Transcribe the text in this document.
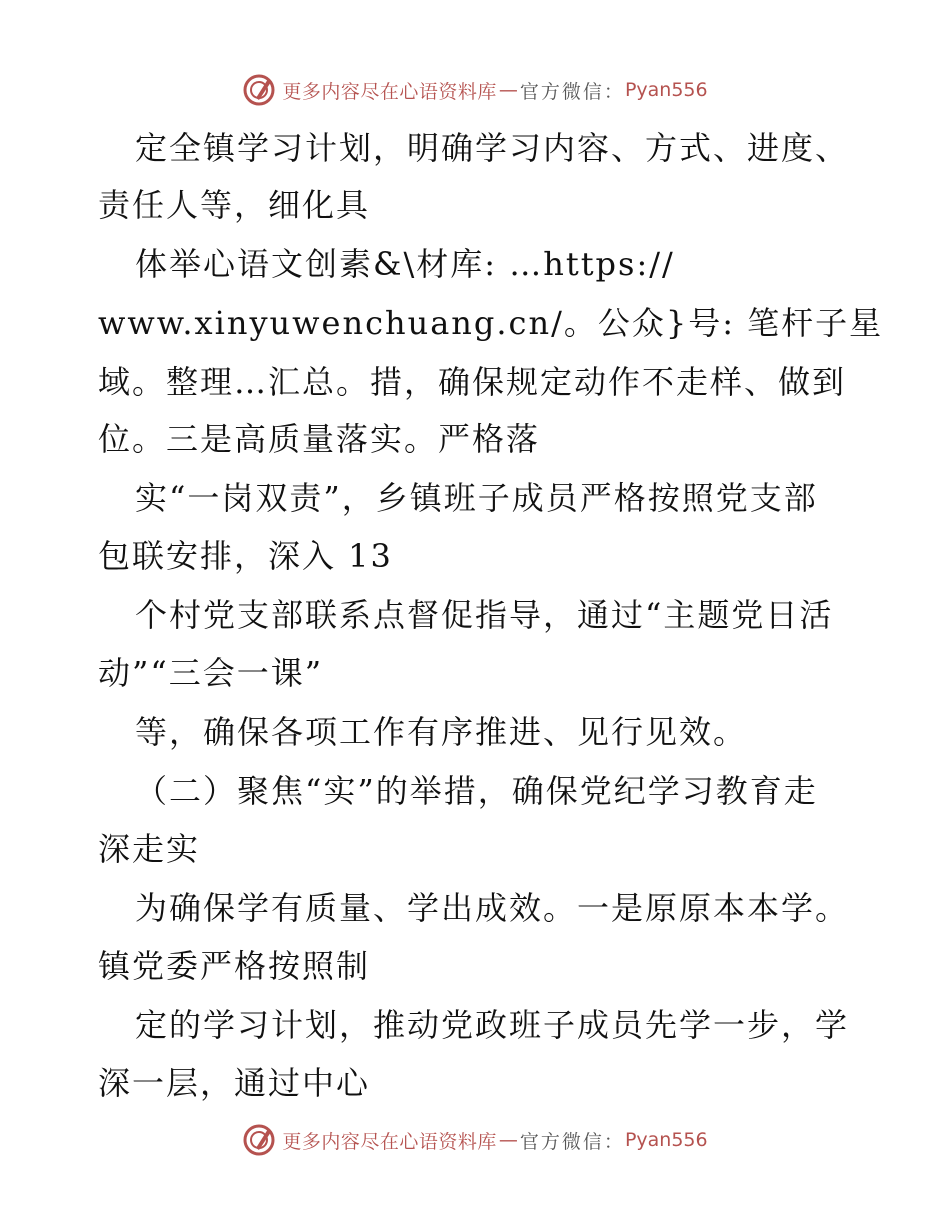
更多内容尽在心语资料库 — 官方微信： Pyan556
定全镇学习计划，明确学习内容、方式、进度、
责任人等，细化具
体举心语文创素&\材库: …https://
www.xinyuwenchuang.cn/。公众}号: 笔杆子星
域。整理…汇总。措，确保规定动作不走样、做到
位。三是高质量落实。严格落
实“一岗双责”，乡镇班子成员严格按照党支部
包联安排，深入 13
个村党支部联系点督促指导，通过“主题党日活
动”“三会一课”
等，确保各项工作有序推进、见行见效。
（二）聚焦“实”的举措，确保党纪学习教育走
深走实
为确保学有质量、学出成效。一是原原本本学。
镇党委严格按照制
定的学习计划，推动党政班子成员先学一步，学
深一层，通过中心
更多内容尽在心语资料库 — 官方微信： Pyan556
